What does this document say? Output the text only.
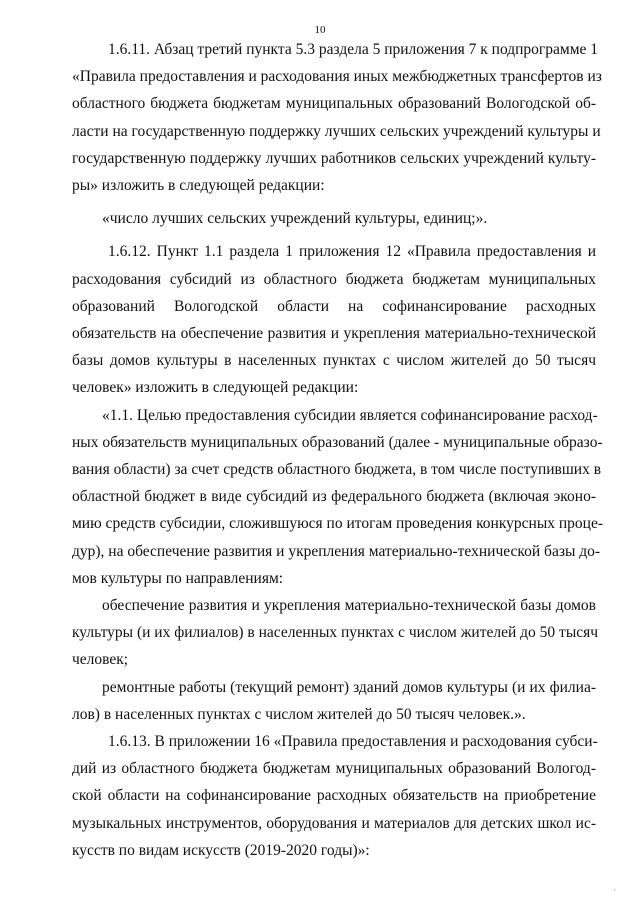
10
1.6.11. Абзац третий пункта 5.3 раздела 5 приложения 7 к подпрограмме 1
«Правила предоставления и расходования иных межбюджетных трансфертов из
областного бюджета бюджетам муниципальных образований Вологодской об-
ласти на государственную поддержку лучших сельских учреждений культуры и
государственную поддержку лучших работников сельских учреждений культу-
ры» изложить в следующей редакции:
«число лучших сельских учреждений культуры, единиц;».
1.6.12. Пункт 1.1 раздела 1 приложения 12 «Правила предоставления и
расходования субсидий из областного бюджета бюджетам муниципальных
образований Вологодской области на софинансирование расходных
обязательств на обеспечение развития и укрепления материально-технической
базы домов культуры в населенных пунктах с числом жителей до 50 тысяч
человек» изложить в следующей редакции:
«1.1. Целью предоставления субсидии является софинансирование расход-
ных обязательств муниципальных образований (далее - муниципальные образо-
вания области) за счет средств областного бюджета, в том числе поступивших в
областной бюджет в виде субсидий из федерального бюджета (включая эконо-
мию средств субсидии, сложившуюся по итогам проведения конкурсных проце-
дур), на обеспечение развития и укрепления материально-технической базы до-
мов культуры по направлениям:
обеспечение развития и укрепления материально-технической базы домов
культуры (и их филиалов) в населенных пунктах с числом жителей до 50 тысяч
человек;
ремонтные работы (текущий ремонт) зданий домов культуры (и их филиа-
лов) в населенных пунктах с числом жителей до 50 тысяч человек.».
1.6.13. В приложении 16 «Правила предоставления и расходования субси-
дий из областного бюджета бюджетам муниципальных образований Вологод-
ской области на софинансирование расходных обязательств на приобретение
музыкальных инструментов, оборудования и материалов для детских школ ис-
кусств по видам искусств (2019-2020 годы)»:
·
